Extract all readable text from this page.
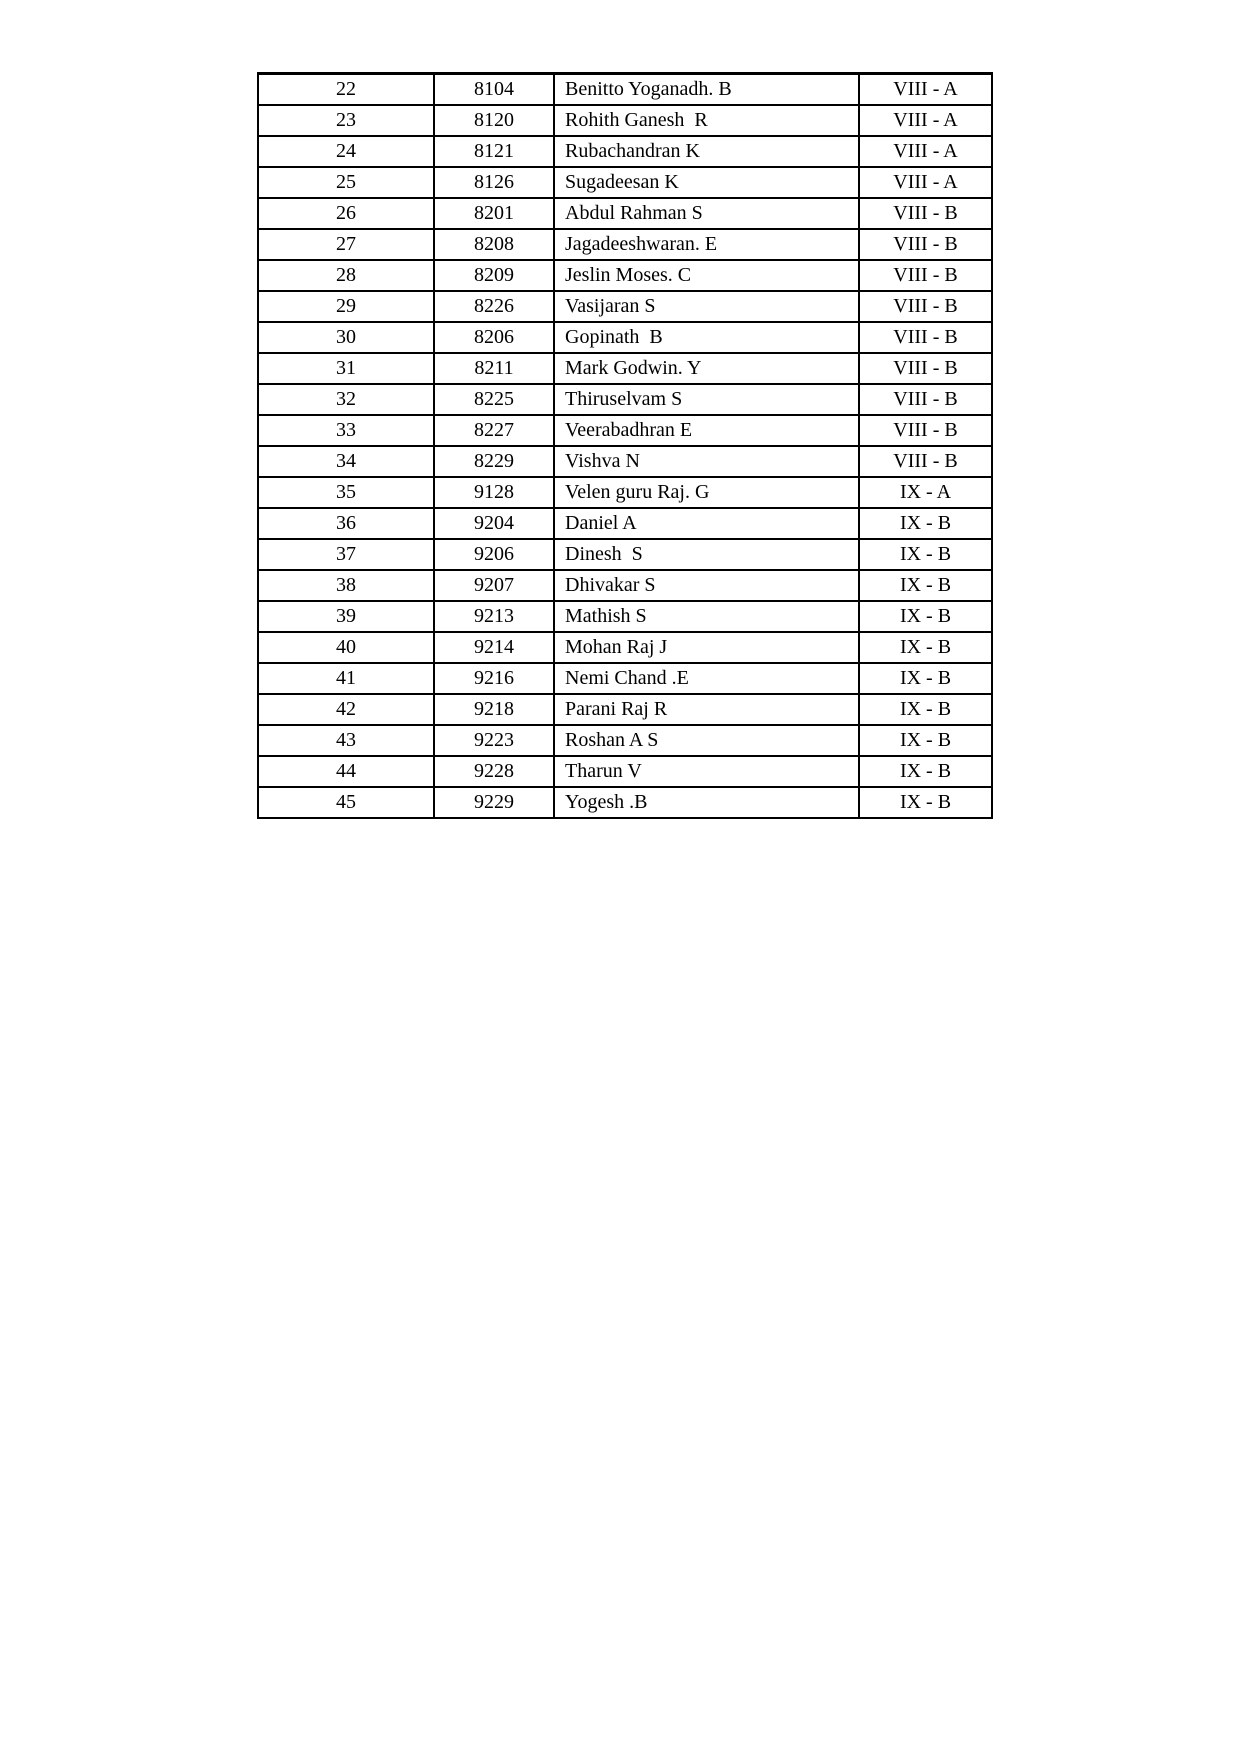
22	8104	Benitto Yoganadh. B	VIII - A
23	8120	Rohith Ganesh  R	VIII - A
24	8121	Rubachandran K	VIII - A
25	8126	Sugadeesan K	VIII - A
26	8201	Abdul Rahman S	VIII - B
27	8208	Jagadeeshwaran. E	VIII - B
28	8209	Jeslin Moses. C	VIII - B
29	8226	Vasijaran S	VIII - B
30	8206	Gopinath  B	VIII - B
31	8211	Mark Godwin. Y	VIII - B
32	8225	Thiruselvam S	VIII - B
33	8227	Veerabadhran E	VIII - B
34	8229	Vishva N	VIII - B
35	9128	Velen guru Raj. G	IX - A
36	9204	Daniel A	IX - B
37	9206	Dinesh  S	IX - B
38	9207	Dhivakar S	IX - B
39	9213	Mathish S	IX - B
40	9214	Mohan Raj J	IX - B
41	9216	Nemi Chand .E	IX - B
42	9218	Parani Raj R	IX - B
43	9223	Roshan A S	IX - B
44	9228	Tharun V	IX - B
45	9229	Yogesh .B	IX - B
